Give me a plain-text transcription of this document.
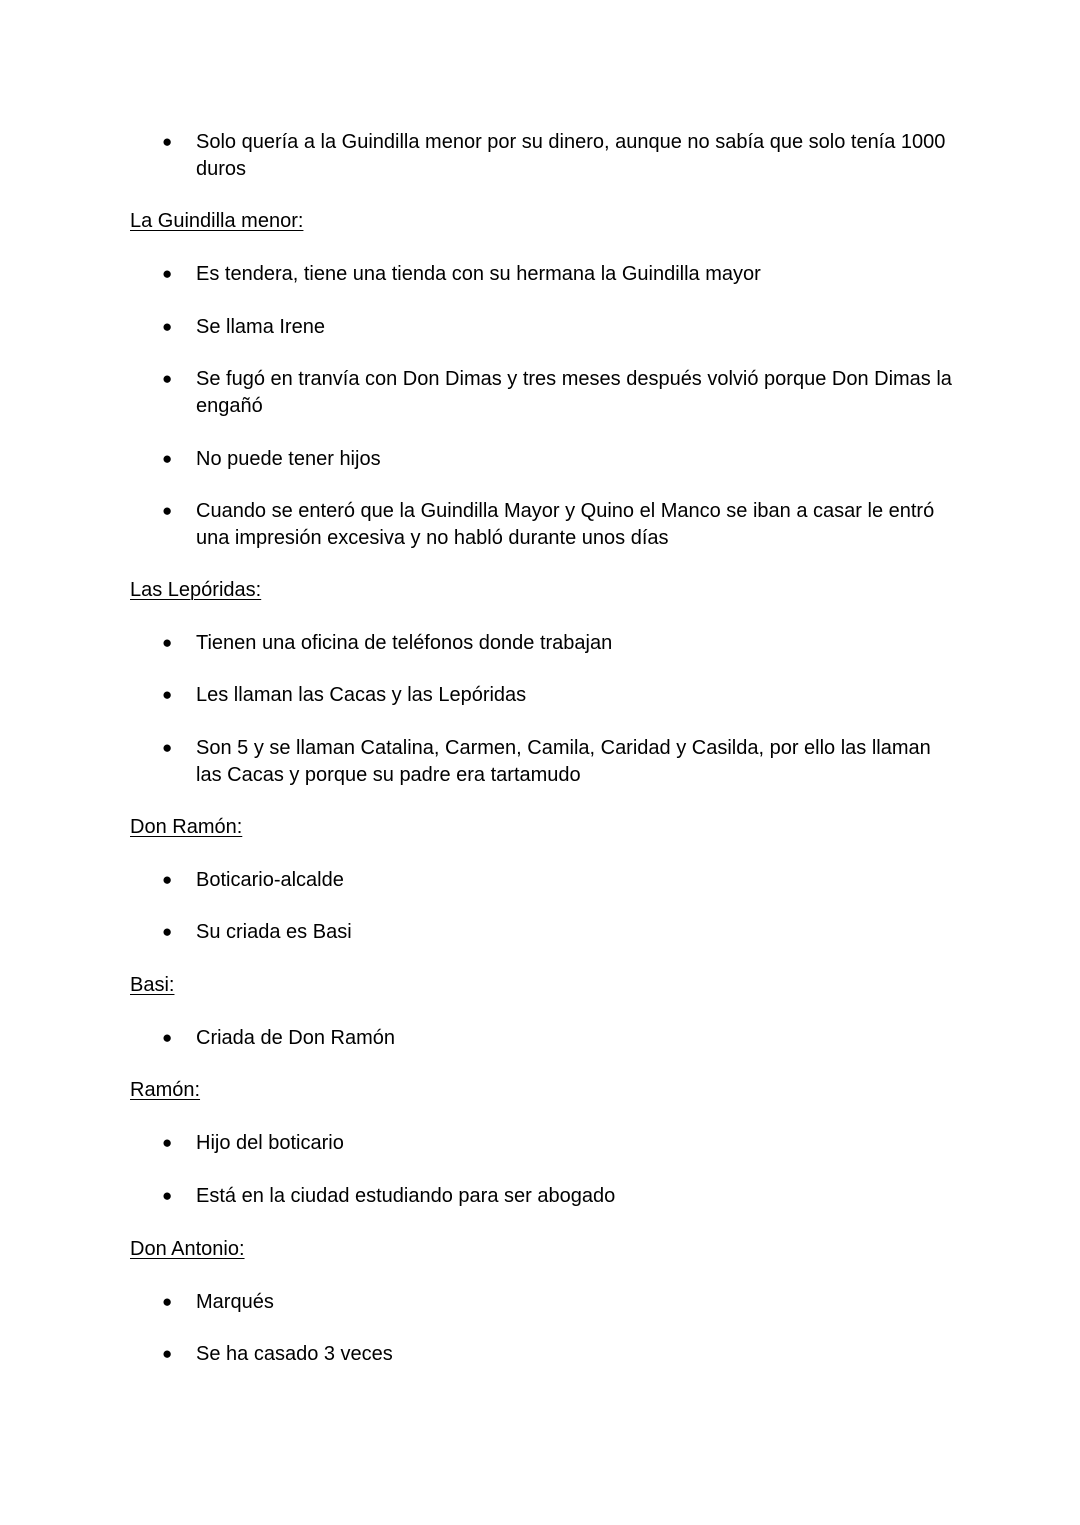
●	Solo quería a la Guindilla menor por su dinero, aunque no sabía que solo tenía 1000 duros
La Guindilla menor:
●	Es tendera, tiene una tienda con su hermana la Guindilla mayor
●	Se llama Irene
●	Se fugó en tranvía con Don Dimas y tres meses después volvió porque Don Dimas la engañó
●	No puede tener hijos
●	Cuando se enteró que la Guindilla Mayor y Quino el Manco se iban a casar le entró una impresión excesiva y no habló durante unos días
Las Lepóridas:
●	Tienen una oficina de teléfonos donde trabajan
●	Les llaman las Cacas y las Lepóridas
●	Son 5 y se llaman Catalina, Carmen, Camila, Caridad y Casilda, por ello las llaman las Cacas y porque su padre era tartamudo
Don Ramón:
●	Boticario-alcalde
●	Su criada es Basi
Basi:
●	Criada de Don Ramón
Ramón:
●	Hijo del boticario
●	Está en la ciudad estudiando para ser abogado
Don Antonio:
●	Marqués
●	Se ha casado 3 veces
